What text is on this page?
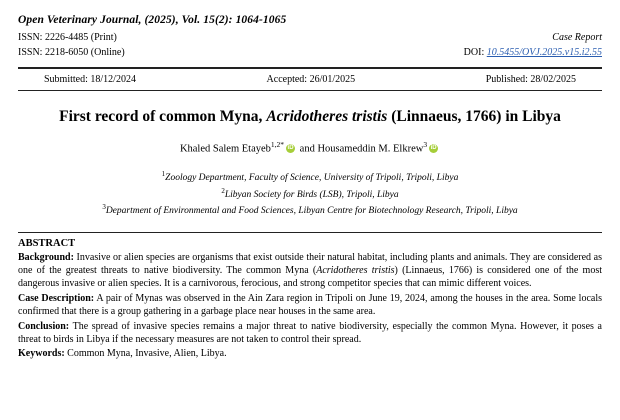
Open Veterinary Journal, (2025), Vol. 15(2): 1064-1065
ISSN: 2226-4485 (Print)
ISSN: 2218-6050 (Online)
Case Report
DOI: 10.5455/OVJ.2025.v15.i2.55
Submitted: 18/12/2024	Accepted: 26/01/2025	Published: 28/02/2025
First record of common Myna, Acridotheres tristis (Linnaeus, 1766) in Libya
Khaled Salem Etayeb$^{1,2*}$ iD and Housameddin M. Elkrew$^3$ iD
$^1$Zoology Department, Faculty of Science, University of Tripoli, Tripoli, Libya
$^2$Libyan Society for Birds (LSB), Tripoli, Libya
$^3$Department of Environmental and Food Sciences, Libyan Centre for Biotechnology Research, Tripoli, Libya
ABSTRACT

Background: Invasive or alien species are organisms that exist outside their natural habitat, including plants and animals. They are considered as one of the greatest threats to native biodiversity. The common Myna (Acridotheres tristis) (Linnaeus, 1766) is considered one of the most dangerous invasive or alien species. It is a carnivorous, ferocious, and strong competitor species that can mimic different voices.

Case Description: A pair of Mynas was observed in the Ain Zara region in Tripoli on June 19, 2024, among the houses in the area. Some locals confirmed that there is a group gathering in a garbage place near houses in the same area.

Conclusion: The spread of invasive species remains a major threat to native biodiversity, especially the common Myna. However, it poses a threat to birds in Libya if the necessary measures are not taken to control their spread.

Keywords: Common Myna, Invasive, Alien, Libya.
